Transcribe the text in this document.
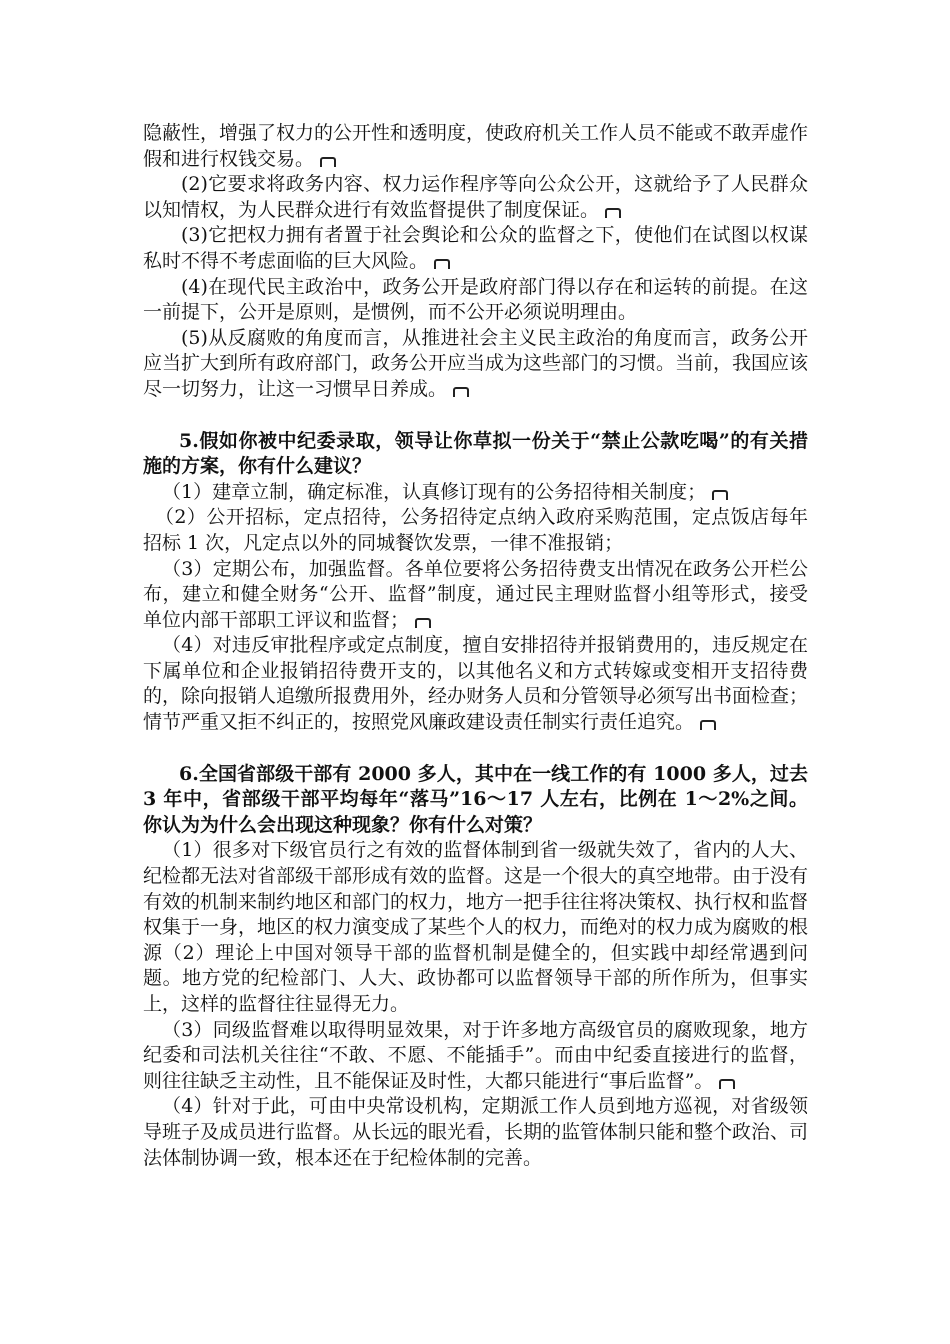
隐蔽性，增强了权力的公开性和透明度，使政府机关工作人员不能或不敢弄虚作假和进行权钱交易。

(2)它要求将政务内容、权力运作程序等向公众公开，这就给予了人民群众以知情权，为人民群众进行有效监督提供了制度保证。

(3)它把权力拥有者置于社会舆论和公众的监督之下，使他们在试图以权谋私时不得不考虑面临的巨大风险。

(4)在现代民主政治中，政务公开是政府部门得以存在和运转的前提。在这一前提下，公开是原则，是惯例，而不公开必须说明理由。

(5)从反腐败的角度而言，从推进社会主义民主政治的角度而言，政务公开应当扩大到所有政府部门，政务公开应当成为这些部门的习惯。当前，我国应该尽一切努力，让这一习惯早日养成。

5.假如你被中纪委录取，领导让你草拟一份关于“禁止公款吃喝”的有关措施的方案，你有什么建议？

（1）建章立制，确定标准，认真修订现有的公务招待相关制度；

（2）公开招标，定点招待，公务招待定点纳入政府采购范围，定点饭店每年招标 1 次，凡定点以外的同城餐饮发票，一律不准报销；

（3）定期公布，加强监督。各单位要将公务招待费支出情况在政务公开栏公布，建立和健全财务“公开、监督”制度，通过民主理财监督小组等形式，接受单位内部干部职工评议和监督；

（4）对违反审批程序或定点制度，擅自安排招待并报销费用的，违反规定在下属单位和企业报销招待费开支的，以其他名义和方式转嫁或变相开支招待费的，除向报销人追缴所报费用外，经办财务人员和分管领导必须写出书面检查；情节严重又拒不纠正的，按照党风廉政建设责任制实行责任追究。

6.全国省部级干部有 2000 多人，其中在一线工作的有 1000 多人，过去 3 年中，省部级干部平均每年“落马”16～17 人左右，比例在 1～2%之间。你认为为什么会出现这种现象？你有什么对策？

（1）很多对下级官员行之有效的监督体制到省一级就失效了，省内的人大、纪检都无法对省部级干部形成有效的监督。这是一个很大的真空地带。由于没有有效的机制来制约地区和部门的权力，地方一把手往往将决策权、执行权和监督权集于一身，地区的权力演变成了某些个人的权力，而绝对的权力成为腐败的根源（2）理论上中国对领导干部的监督机制是健全的，但实践中却经常遇到问题。地方党的纪检部门、人大、政协都可以监督领导干部的所作所为，但事实上，这样的监督往往显得无力。

（3）同级监督难以取得明显效果，对于许多地方高级官员的腐败现象，地方纪委和司法机关往往“不敢、不愿、不能插手”。而由中纪委直接进行的监督，则往往缺乏主动性，且不能保证及时性，大都只能进行“事后监督”。

（4）针对于此，可由中央常设机构，定期派工作人员到地方巡视，对省级领导班子及成员进行监督。从长远的眼光看，长期的监管体制只能和整个政治、司法体制协调一致，根本还在于纪检体制的完善。
